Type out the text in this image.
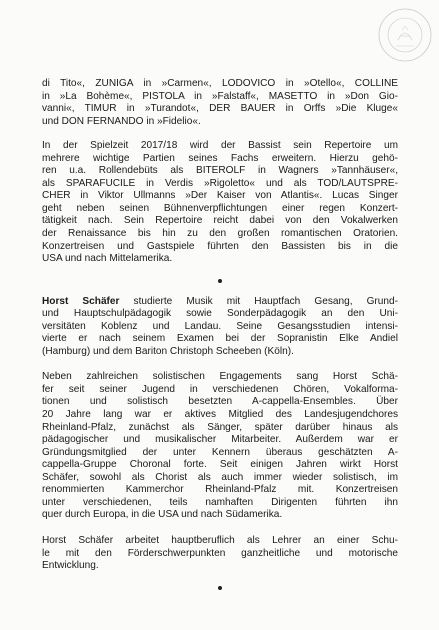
di Tito«, ZUNIGA in »Carmen«, LODOVICO in »Otello«, COLLINE
in »La Bohème«, PISTOLA in »Falstaff«, MASETTO in »Don Gio-
vanni«, TIMUR in »Turandot«, DER BAUER in Orffs »Die Kluge«
und DON FERNANDO in »Fidelio«.

In der Spielzeit 2017/18 wird der Bassist sein Repertoire um
mehrere wichtige Partien seines Fachs erweitern. Hierzu gehö-
ren u.a. Rollendebüts als BITEROLF in Wagners »Tannhäuser«,
als SPARAFUCILE in Verdis »Rigoletto« und als TOD/LAUTSPRE-
CHER in Viktor Ullmanns »Der Kaiser von Atlantis«. Lucas Singer
geht neben seinen Bühnenverpflichtungen einer regen Konzert-
tätigkeit nach. Sein Repertoire reicht dabei von den Vokalwerken
der Renaissance bis hin zu den großen romantischen Oratorien.
Konzertreisen und Gastspiele führten den Bassisten bis in die
USA und nach Mittelamerika.

Horst Schäfer studierte Musik mit Hauptfach Gesang, Grund-
und Hauptschulpädagogik sowie Sonderpädagogik an den Uni-
versitäten Koblenz und Landau. Seine Gesangsstudien intensi-
vierte er nach seinem Examen bei der Sopranistin Elke Andiel
(Hamburg) und dem Bariton Christoph Scheeben (Köln).

Neben zahlreichen solistischen Engagements sang Horst Schä-
fer seit seiner Jugend in verschiedenen Chören, Vokalforma-
tionen und solistisch besetzten A-cappella-Ensembles. Über
20 Jahre lang war er aktives Mitglied des Landesjugendchores
Rheinland-Pfalz, zunächst als Sänger, später darüber hinaus als
pädagogischer und musikalischer Mitarbeiter. Außerdem war er
Gründungsmitglied der unter Kennern überaus geschätzten A-
cappella-Gruppe Choronal forte. Seit einigen Jahren wirkt Horst
Schäfer, sowohl als Chorist als auch immer wieder solistisch, im
renommierten Kammerchor Rheinland-Pfalz mit. Konzertreisen
unter verschiedenen, teils namhaften Dirigenten führten ihn
quer durch Europa, in die USA und nach Südamerika.

Horst Schäfer arbeitet hauptberuflich als Lehrer an einer Schu-
le mit den Förderschwerpunkten ganzheitliche und motorische
Entwicklung.
